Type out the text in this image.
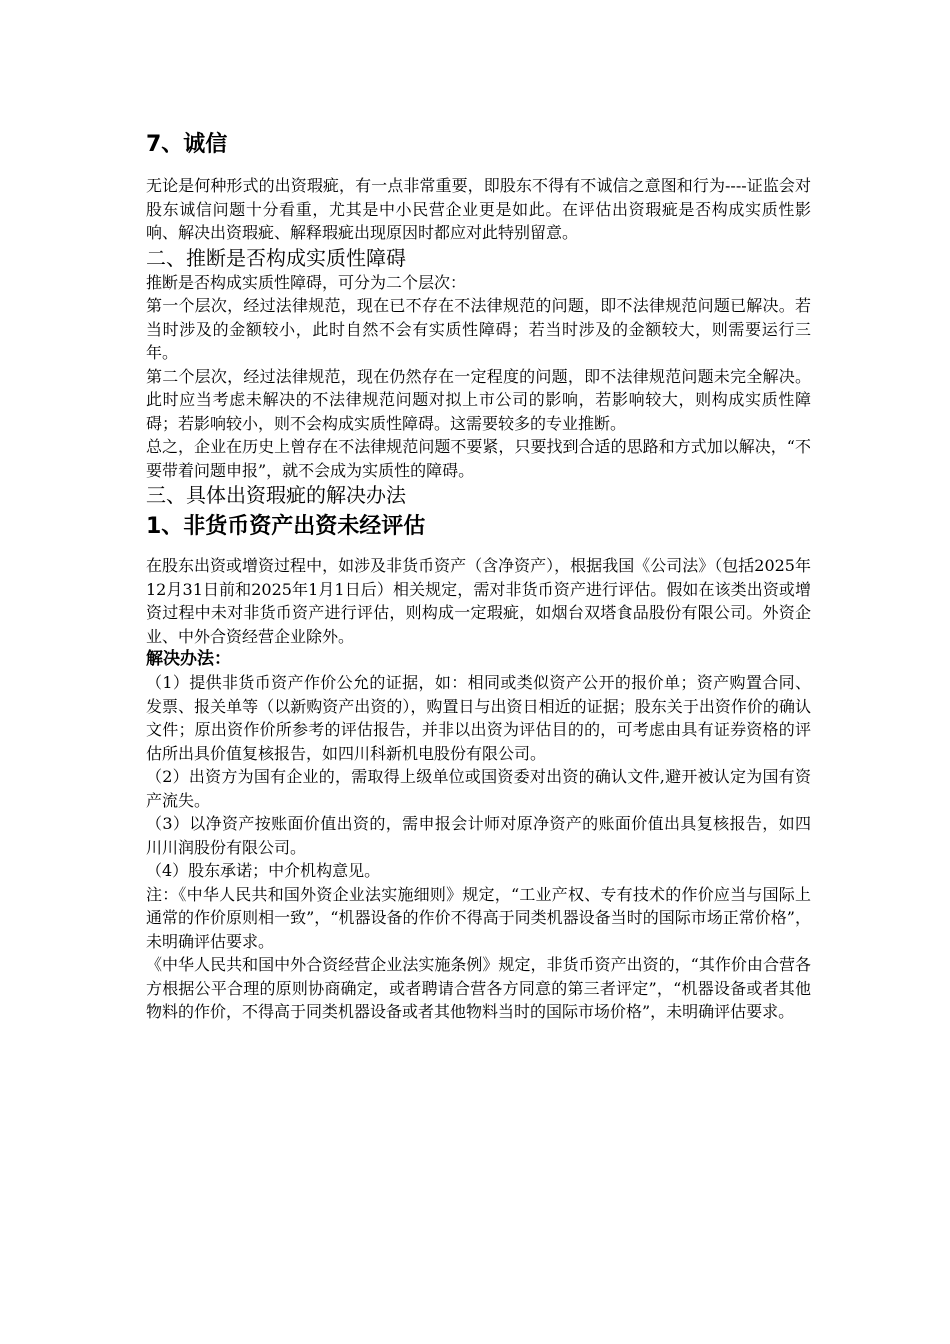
7、诚信

无论是何种形式的出资瑕疵，有一点非常重要，即股东不得有不诚信之意图和行为----证监会对股东诚信问题十分看重，尤其是中小民营企业更是如此。在评估出资瑕疵是否构成实质性影响、解决出资瑕疵、解释瑕疵出现原因时都应对此特别留意。

二、推断是否构成实质性障碍

推断是否构成实质性障碍，可分为二个层次：

第一个层次，经过法律规范，现在已不存在不法律规范的问题，即不法律规范问题已解决。若当时涉及的金额较小，此时自然不会有实质性障碍；若当时涉及的金额较大，则需要运行三年。

第二个层次，经过法律规范，现在仍然存在一定程度的问题，即不法律规范问题未完全解决。此时应当考虑未解决的不法律规范问题对拟上市公司的影响，若影响较大，则构成实质性障碍；若影响较小，则不会构成实质性障碍。这需要较多的专业推断。

总之，企业在历史上曾存在不法律规范问题不要紧，只要找到合适的思路和方式加以解决，“不要带着问题申报”，就不会成为实质性的障碍。

三、具体出资瑕疵的解决办法
1、非货币资产出资未经评估

在股东出资或增资过程中，如涉及非货币资产（含净资产），根据我国《公司法》（包括2025年12月31日前和2025年1月1日后）相关规定，需对非货币资产进行评估。假如在该类出资或增资过程中未对非货币资产进行评估，则构成一定瑕疵，如烟台双塔食品股份有限公司。外资企业、中外合资经营企业除外。

解决办法：

（1）提供非货币资产作价公允的证据，如：相同或类似资产公开的报价单；资产购置合同、发票、报关单等（以新购资产出资的），购置日与出资日相近的证据；股东关于出资作价的确认文件；原出资作价所参考的评估报告，并非以出资为评估目的的，可考虑由具有证券资格的评估所出具价值复核报告，如四川科新机电股份有限公司。

（2）出资方为国有企业的，需取得上级单位或国资委对出资的确认文件,避开被认定为国有资产流失。

（3）以净资产按账面价值出资的，需申报会计师对原净资产的账面价值出具复核报告，如四川川润股份有限公司。

（4）股东承诺；中介机构意见。

注：《中华人民共和国外资企业法实施细则》规定，“工业产权、专有技术的作价应当与国际上通常的作价原则相一致”，“机器设备的作价不得高于同类机器设备当时的国际市场正常价格”，未明确评估要求。

《中华人民共和国中外合资经营企业法实施条例》规定，非货币资产出资的，“其作价由合营各方根据公平合理的原则协商确定，或者聘请合营各方同意的第三者评定”，“机器设备或者其他物料的作价，不得高于同类机器设备或者其他物料当时的国际市场价格”，未明确评估要求。
